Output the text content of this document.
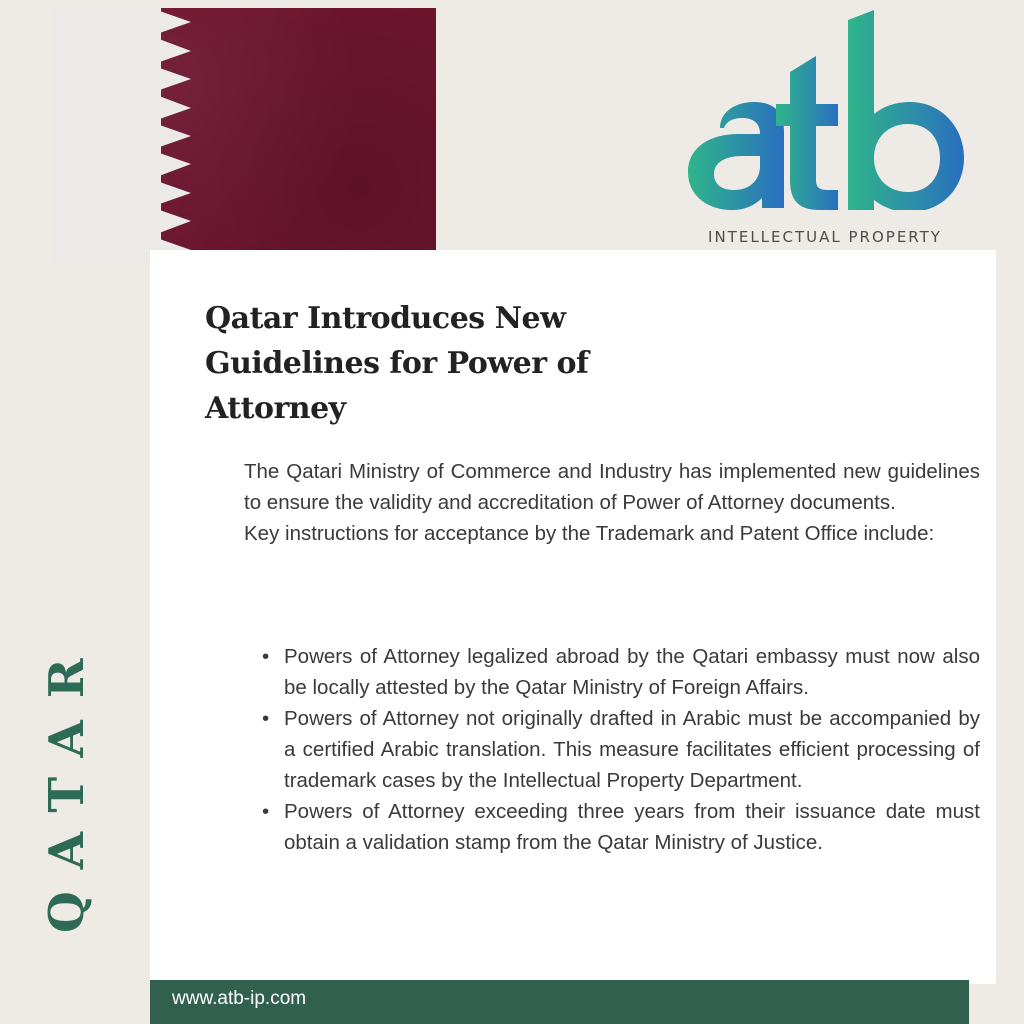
INTELLECTUAL PROPERTY
Qatar Introduces New Guidelines for Power of Attorney

The Qatari Ministry of Commerce and Industry has implemented new guidelines to ensure the validity and accreditation of Power of Attorney documents.

Key instructions for acceptance by the Trademark and Patent Office include:

• Powers of Attorney legalized abroad by the Qatari embassy must now also be locally attested by the Qatar Ministry of Foreign Affairs.
• Powers of Attorney not originally drafted in Arabic must be accompanied by a certified Arabic translation. This measure facilitates efficient processing of trademark cases by the Intellectual Property Department.
• Powers of Attorney exceeding three years from their issuance date must obtain a validation stamp from the Qatar Ministry of Justice.
QATAR
www.atb-ip.com
